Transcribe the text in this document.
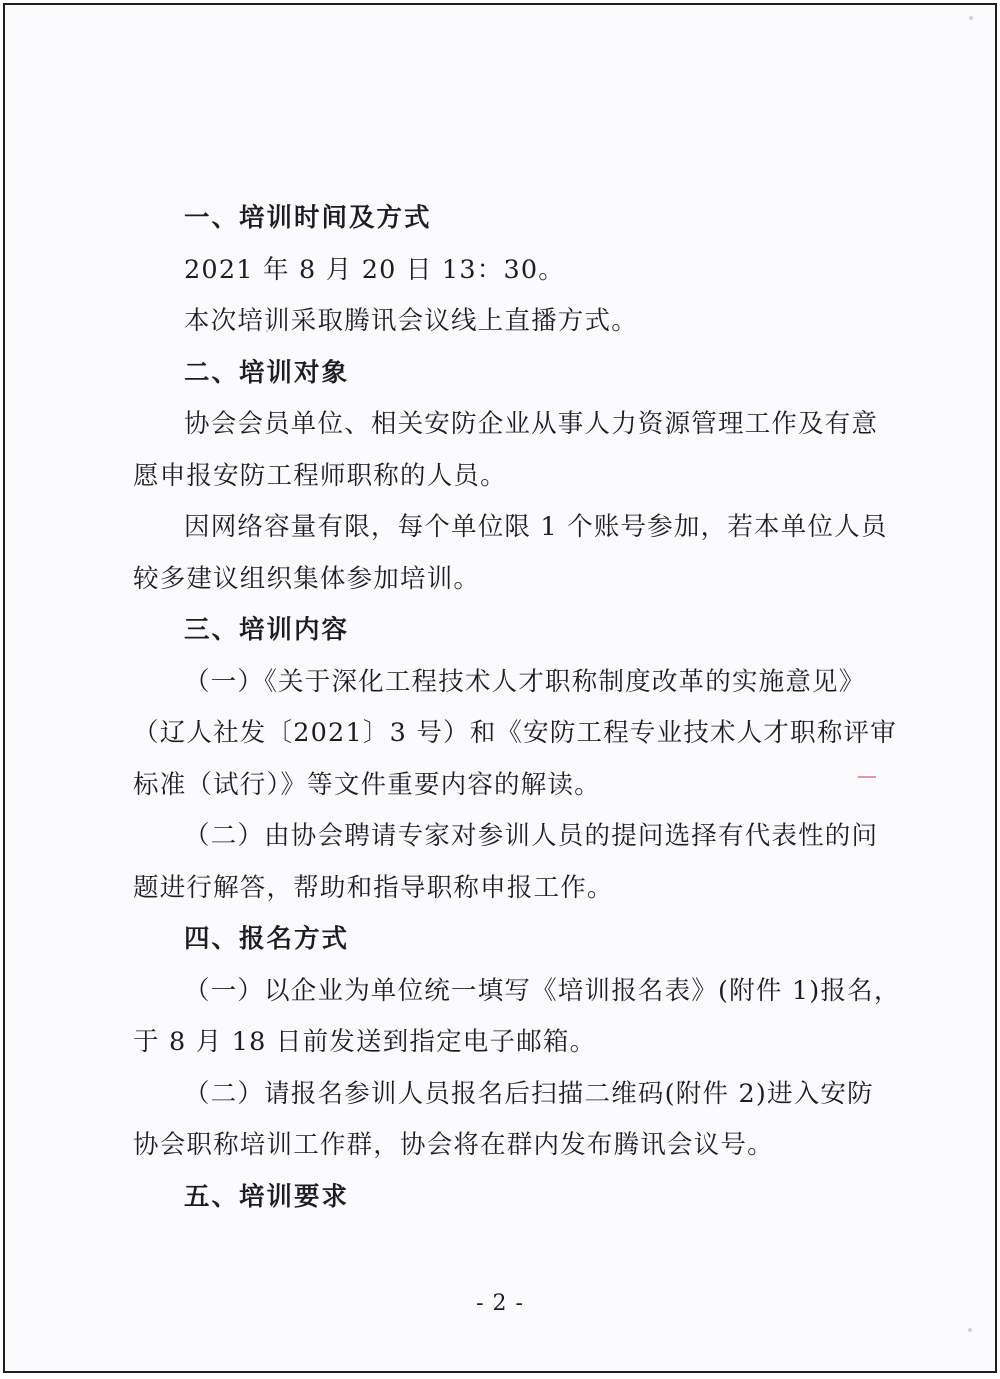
一、培训时间及方式
2021 年 8 月 20 日 13：30。
本次培训采取腾讯会议线上直播方式。
二、培训对象
协会会员单位、相关安防企业从事人力资源管理工作及有意
愿申报安防工程师职称的人员。
因网络容量有限，每个单位限 1 个账号参加，若本单位人员
较多建议组织集体参加培训。
三、培训内容
（一）《关于深化工程技术人才职称制度改革的实施意见》
（辽人社发〔2021〕3 号）和《安防工程专业技术人才职称评审
标准（试行）》等文件重要内容的解读。
（二）由协会聘请专家对参训人员的提问选择有代表性的问
题进行解答，帮助和指导职称申报工作。
四、报名方式
（一）以企业为单位统一填写《培训报名表》(附件 1)报名，
于 8 月 18 日前发送到指定电子邮箱。
（二）请报名参训人员报名后扫描二维码(附件 2)进入安防
协会职称培训工作群，协会将在群内发布腾讯会议号。
五、培训要求
- 2 -
